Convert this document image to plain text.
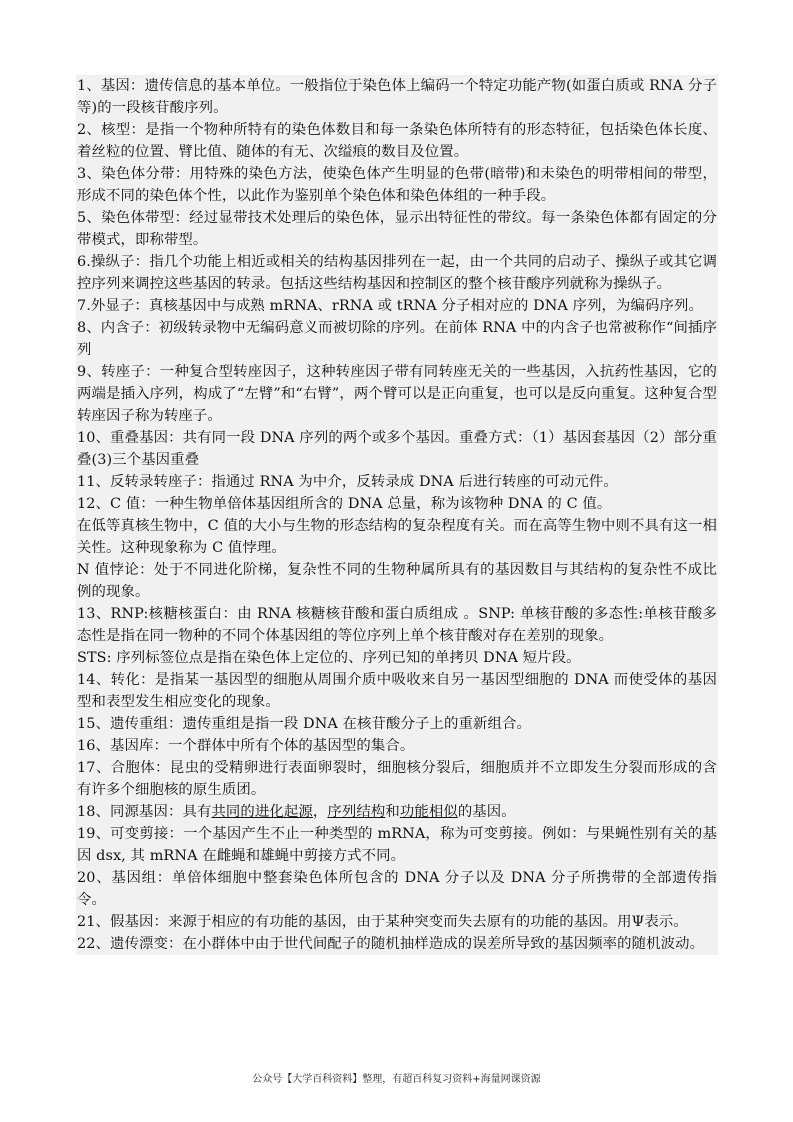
1、基因：遗传信息的基本单位。一般指位于染色体上编码一个特定功能产物(如蛋白质或 RNA 分子等)的一段核苷酸序列。

2、核型：是指一个物种所特有的染色体数目和每一条染色体所特有的形态特征，包括染色体长度、着丝粒的位置、臂比值、随体的有无、次缢痕的数目及位置。

3、染色体分带：用特殊的染色方法，使染色体产生明显的色带(暗带)和未染色的明带相间的带型，形成不同的染色体个性，以此作为鉴别单个染色体和染色体组的一种手段。

5、染色体带型：经过显带技术处理后的染色体，显示出特征性的带纹。每一条染色体都有固定的分带模式，即称带型。

6.操纵子：指几个功能上相近或相关的结构基因排列在一起，由一个共同的启动子、操纵子或其它调控序列来调控这些基因的转录。包括这些结构基因和控制区的整个核苷酸序列就称为操纵子。

7.外显子：真核基因中与成熟 mRNA、rRNA 或 tRNA 分子相对应的 DNA 序列，为编码序列。

8、内含子：初级转录物中无编码意义而被切除的序列。在前体 RNA 中的内含子也常被称作“间插序列

9、转座子：一种复合型转座因子，这种转座因子带有同转座无关的一些基因，入抗药性基因，它的两端是插入序列，构成了“左臂”和“右臂”，两个臂可以是正向重复，也可以是反向重复。这种复合型转座因子称为转座子。

10、重叠基因：共有同一段 DNA 序列的两个或多个基因。重叠方式：（1）基因套基因（2）部分重叠(3)三个基因重叠

11、反转录转座子：指通过 RNA 为中介，反转录成 DNA 后进行转座的可动元件。

12、C 值：一种生物单倍体基因组所含的 DNA 总量，称为该物种 DNA 的 C 值。

在低等真核生物中，C 值的大小与生物的形态结构的复杂程度有关。而在高等生物中则不具有这一相关性。这种现象称为 C 值悖理。

N 值悖论：处于不同进化阶梯，复杂性不同的生物种属所具有的基因数目与其结构的复杂性不成比例的现象。

13、RNP:核糖核蛋白：由 RNA 核糖核苷酸和蛋白质组成 。SNP: 单核苷酸的多态性:单核苷酸多态性是指在同一物种的不同个体基因组的等位序列上单个核苷酸对存在差别的现象。

STS: 序列标签位点是指在染色体上定位的、序列已知的单拷贝 DNA 短片段。

14、转化：是指某一基因型的细胞从周围介质中吸收来自另一基因型细胞的 DNA 而使受体的基因型和表型发生相应变化的现象。

15、遗传重组：遗传重组是指一段 DNA 在核苷酸分子上的重新组合。

16、基因库：一个群体中所有个体的基因型的集合。

17、合胞体：昆虫的受精卵进行表面卵裂时，细胞核分裂后，细胞质并不立即发生分裂而形成的含有许多个细胞核的原生质团。

18、同源基因：具有共同的进化起源，序列结构和功能相似的基因。

19、可变剪接：一个基因产生不止一种类型的 mRNA，称为可变剪接。例如：与果蝇性别有关的基因 dsx, 其 mRNA 在雌蝇和雄蝇中剪接方式不同。

20、基因组：单倍体细胞中整套染色体所包含的 DNA 分子以及 DNA 分子所携带的全部遗传指令。

21、假基因：来源于相应的有功能的基因，由于某种突变而失去原有的功能的基因。用Ψ表示。

22、遗传漂变：在小群体中由于世代间配子的随机抽样造成的误差所导致的基因频率的随机波动。

公众号【大学百科资料】整理，有超百科复习资料+海量网课资源
